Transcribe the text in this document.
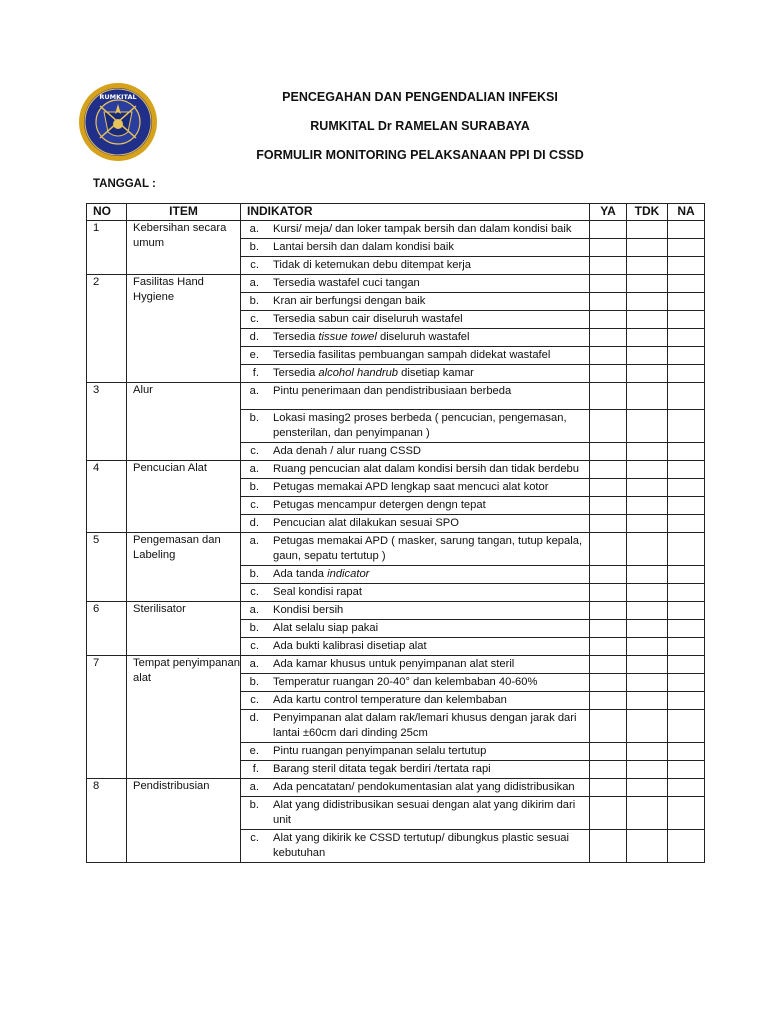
RUMKITAL	PENCEGAHAN DAN PENGENDALIAN INFEKSI
RUMKITAL Dr RAMELAN SURABAYA
FORMULIR MONITORING PELAKSANAAN PPI DI CSSD
TANGGAL :
NO	ITEM	INDIKATOR	YA	TDK	NA
1	Kebersihan secara umum	a. Kursi/ meja/ dan loker tampak bersih dan dalam kondisi baik			

		b. Lantai bersih dan dalam kondisi baik			

		c. Tidak di ketemukan debu ditempat kerja			

2	Fasilitas Hand Hygiene	a. Tersedia wastafel cuci tangan			

		b. Kran air berfungsi dengan baik			

		c. Tersedia sabun cair diseluruh wastafel			

		d. Tersedia tissue towel diseluruh wastafel			

		e. Tersedia fasilitas pembuangan sampah didekat wastafel			

		f. Tersedia alcohol handrub disetiap kamar			

3	Alur	a. Pintu penerimaan dan pendistribusiaan berbeda			

		b. Lokasi masing2 proses berbeda ( pencucian, pengemasan, pensterilan, dan penyimpanan )			

		c. Ada denah / alur ruang CSSD			

4	Pencucian Alat	a. Ruang pencucian alat dalam kondisi bersih dan tidak berdebu			

		b. Petugas memakai APD lengkap saat mencuci alat kotor			

		c. Petugas mencampur detergen dengn tepat			

		d. Pencucian alat dilakukan sesuai SPO			

5	Pengemasan dan Labeling	a. Petugas memakai APD ( masker, sarung tangan, tutup kepala, gaun, sepatu tertutup )			

		b. Ada tanda indicator			

		c. Seal kondisi rapat			

6	Sterilisator	a. Kondisi bersih			

		b. Alat selalu siap pakai			

		c. Ada bukti kalibrasi disetiap alat			

7	Tempat penyimpanan alat	a. Ada kamar khusus untuk penyimpanan alat steril			

		b. Temperatur ruangan 20-40° dan kelembaban 40-60%			

		c. Ada kartu control temperature dan kelembaban			

		d. Penyimpanan alat dalam rak/lemari khusus dengan jarak dari lantai ±60cm dari dinding 25cm			

		e. Pintu ruangan penyimpanan selalu tertutup			

		f. Barang steril ditata tegak berdiri /tertata rapi			

8	Pendistribusian	a. Ada pencatatan/ pendokumentasian alat yang didistribusikan			

		b. Alat yang didistribusikan sesuai dengan alat yang dikirim dari unit			

		c. Alat yang dikirik ke CSSD tertutup/ dibungkus plastic sesuai kebutuhan			
